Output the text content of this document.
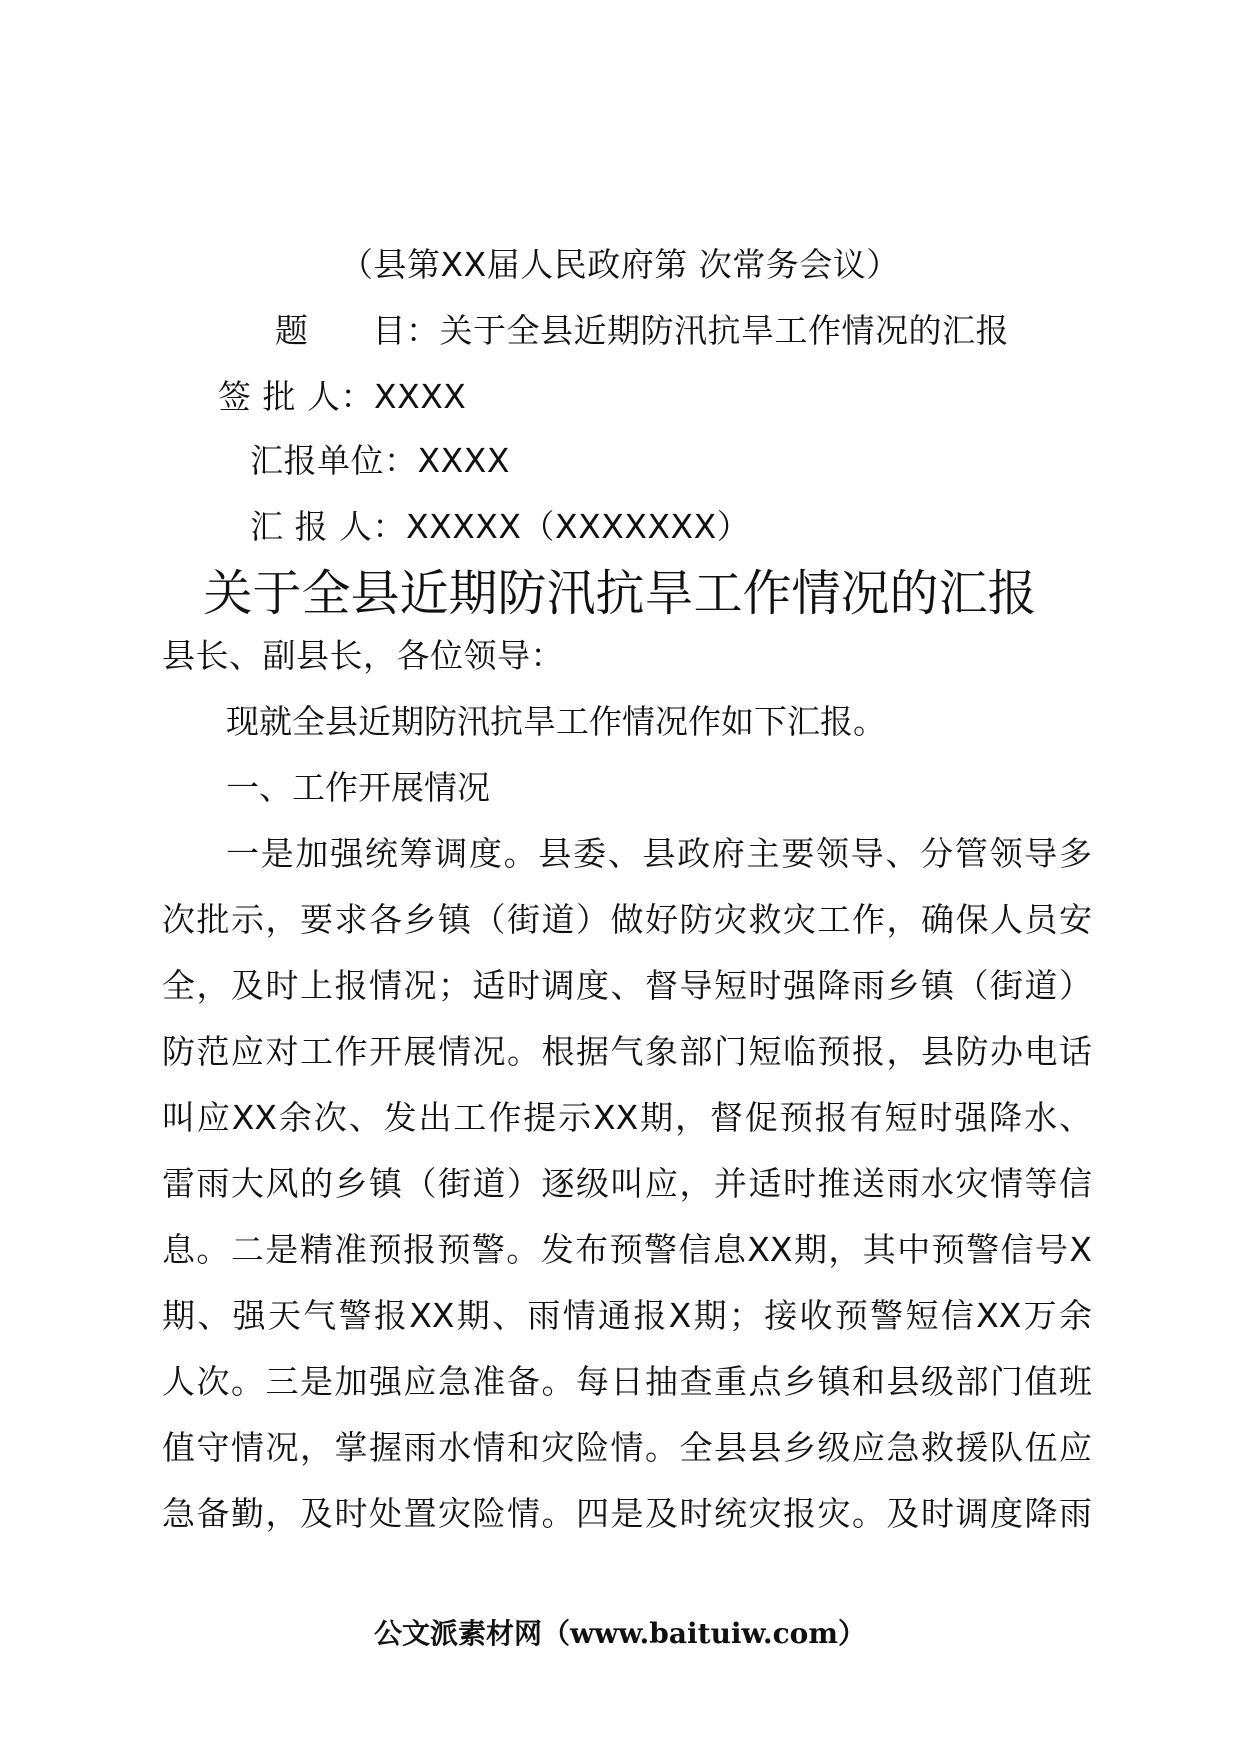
（县第XX届人民政府第 次常务会议）
题 目：关于全县近期防汛抗旱工作情况的汇报
签 批 人：XXXX
汇报单位：XXXX
汇 报 人：XXXXX（XXXXXXX）
关于全县近期防汛抗旱工作情况的汇报
县长、副县长，各位领导：
现就全县近期防汛抗旱工作情况作如下汇报。
一、工作开展情况
一是加强统筹调度。县委、县政府主要领导、分管领导多
次批示，要求各乡镇（街道）做好防灾救灾工作，确保人员安
全，及时上报情况；适时调度、督导短时强降雨乡镇（街道）
防范应对工作开展情况。根据气象部门短临预报，县防办电话
叫应XX余次、发出工作提示XX期，督促预报有短时强降水、
雷雨大风的乡镇（街道）逐级叫应，并适时推送雨水灾情等信
息。二是精准预报预警。发布预警信息XX期，其中预警信号X
期、强天气警报XX期、雨情通报X期；接收预警短信XX万余
人次。三是加强应急准备。每日抽查重点乡镇和县级部门值班
值守情况，掌握雨水情和灾险情。全县县乡级应急救援队伍应
急备勤，及时处置灾险情。四是及时统灾报灾。及时调度降雨
公文派素材网（www.baituiw.com）
